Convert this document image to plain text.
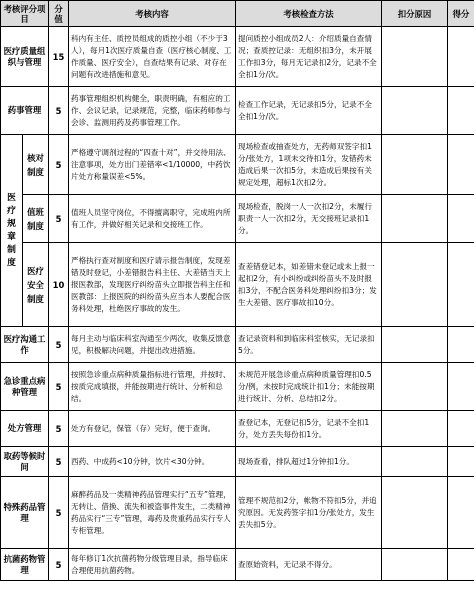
考核评分项目		分值	考核内容	考核检查方法	扣分原因	得分
医疗质量组织与管理		15	科内有主任、质控员组成的质控小组（不少于3人），每月1次医疗质量自查（医疗核心制度、工作质量、医疗安全），自查结果有记录、对存在问题有改进措施和意见。	提问质控小组成员2人：介绍质量自查情况；查质控记录：无组织扣3分，未开展工作扣3分，每月无记录扣2分，记录不全全扣1分/次。		
药事管理		5	药事管理组织机构健全，职责明确，有相应的工作、会议记录，记录规范，完整，临床药师参与会诊、监测用药及药事管理工作。	检查工作记录，无记录扣5分，记录不全全扣1分/次。		
医疗规章制度	核对制度	5	严格遵守调剂过程的“四查十对”，并交待用法、注意事项，处方出门差错率<1/10000，中药饮片处方称量误差<5%。	现场检查或抽查处方，无药师双签字扣1分/张处方，1项未交待扣1分，发错药未造成后果一次扣5分，未造成后果按有关规定处理，超标1次扣2分。		
	值班制度	5	值班人员坚守岗位，不得擅离职守，完成班内所有工作，并做好相关记录和交接班工作。	现场检查，脱岗一人一次扣2分，未履行职责一人一次扣2分，无交接班记录扣1分。		
	医疗安全制度	10	严格执行查对制度和医疗请示报告制度，发现差错及时登记，小差错报告科主任、大差错当天上报医教部，发现医疗纠纷苗头立即报告科主任和医教部：上报医院的纠纷苗头应当本人要配合医务科处理，杜绝医疗事故的发生。	查差错登记本，如差错未登记或未上报一起扣2分，有小纠纷或纠纷苗头不及时报扣3分，不配合医务科处理纠纷扣3分；发生大差错、医疗事故扣10分。		
医疗沟通工作		5	每月主动与临床科室沟通至少两次，收集反馈意见，积极解决问题，并提出改进措施。	查记录资料和到临床科室核实，无记录扣5分。		
急诊重点病种管理		5	按照急诊重点病种质量指标进行管理，并按时、按质完成填报，并能按期进行统计、分析和总结。	未规范开展急诊重点病种质量管理扣0.5分/例，未按时完成统计扣1分；未能按期进行统计、分析、总结扣2分。		
处方管理		5	处方有登记，保管（存）完好，便于查询。	查登记本，无登记扣5分，记录不全扣1分，处方丢失每份扣1分。		
取药等候时间		5	西药、中成药<10分钟，饮片<30分钟。	现场查看，排队超过1分钟扣1分。		
特殊药品管理		5	麻醉药品及一类精神药品管理实行“五专”管理，无转让、借换、流失和被盗事件发生，二类精神药品实行“三专”管理，毒药及贵重药品实行专人专柜管理。	管理不规范扣2分，帐物不符扣5分，并追究原因。无发药签字扣1分/张处方，发生丢失扣5分。		
抗菌药物管理		5	每年修订1次抗菌药物分级管理目录，指导临床合理使用抗菌药物。	查原始资料，无记录不得分。		
